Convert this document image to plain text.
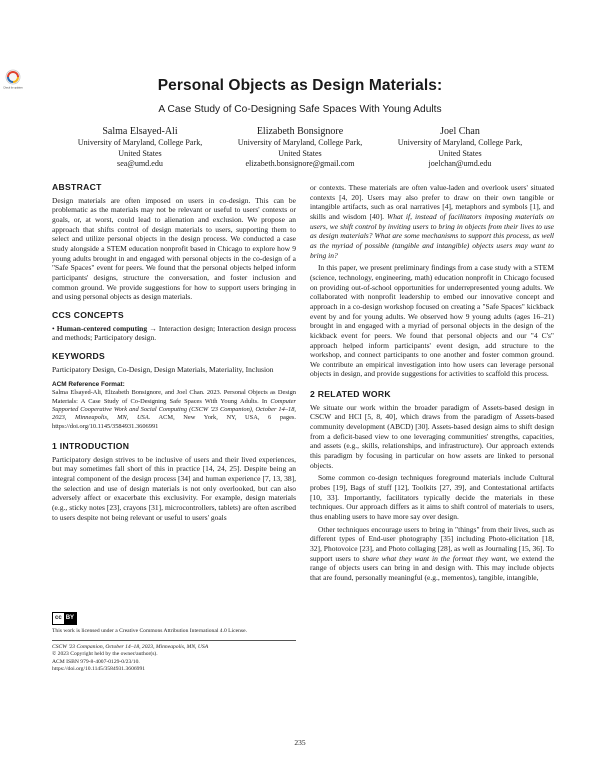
Check for updates	Personal Objects as Design Materials:
A Case Study of Co-Designing Safe Spaces With Young Adults
Salma Elsayed-Ali
University of Maryland, College Park,
United States
sea@umd.edu
Elizabeth Bonsignore
University of Maryland, College Park,
United States
elizabeth.bonsignore@gmail.com
Joel Chan
University of Maryland, College Park,
United States
joelchan@umd.edu
ABSTRACT

Design materials are often imposed on users in co-design. This can be problematic as the materials may not be relevant or useful to users' contexts or goals, or, at worst, could lead to alienation and exclusion. We propose an approach that shifts control of design materials to users, supporting them to select and utilize personal objects in the design process. We conducted a case study alongside a STEM education nonprofit based in Chicago to explore how 9 young adults brought in and engaged with personal objects in the co-design of a "Safe Spaces" event for peers. We found that the personal objects helped inform participants' designs, structure the conversation, and foster inclusion and common ground. We provide suggestions for how to support users bringing in and using personal objects as design materials.

CCS CONCEPTS

• Human-centered computing → Interaction design; Interaction design process and methods; Participatory design.

KEYWORDS

Participatory Design, Co-Design, Design Materials, Materiality, Inclusion

ACM Reference Format:
Salma Elsayed-Ali, Elizabeth Bonsignore, and Joel Chan. 2023. Personal Objects as Design Materials: A Case Study of Co-Designing Safe Spaces With Young Adults. In Computer Supported Cooperative Work and Social Computing (CSCW '23 Companion), October 14–18, 2023, Minneapolis, MN, USA. ACM, New York, NY, USA, 6 pages. https://doi.org/10.1145/3584931.3606991
1 INTRODUCTION

Participatory design strives to be inclusive of users and their lived experiences, but may sometimes fall short of this in practice [14, 24, 25]. Despite being an integral component of the design process [34] and human experience [7, 13, 38], the selection and use of design materials is not only overlooked, but can also adversely affect or exacerbate this exclusivity. For example, design materials (e.g., sticky notes [23], crayons [31], microcontrollers, tablets) are often ascribed to users despite not being relevant or useful to users' goals

cc BY
This work is licensed under a Creative Commons Attribution International 4.0 License.
CSCW '23 Companion, October 14–18, 2023, Minneapolis, MN, USA
© 2023 Copyright held by the owner/author(s).
ACM ISBN 979-8-4007-0129-0/23/10.
https://doi.org/10.1145/3584931.3606991

or contexts. These materials are often value-laden and overlook users' situated contexts [4, 20]. Users may also prefer to draw on their own tangible or intangible artifacts, such as oral narratives [4], metaphors and symbols [1], and skills and wisdom [40]. What if, instead of facilitators imposing materials on users, we shift control by inviting users to bring in objects from their lives to use as design materials? What are some mechanisms to support this process, as well as the myriad of possible (tangible and intangible) objects users may want to bring in?

In this paper, we present preliminary findings from a case study with a STEM (science, technology, engineering, math) education nonprofit in Chicago focused on providing out-of-school opportunities for underrepresented young adults. We collaborated with nonprofit leadership to embed our innovative concept and approach in a co-design workshop focused on creating a "Safe Spaces" kickback event by and for young adults. We observed how 9 young adults (ages 16–21) brought in and engaged with a myriad of personal objects in the design of the kickback event for peers. We found that personal objects and our "4 C's" approach helped inform participants' event design, add structure to the workshop, and connect participants to one another and foster common ground. We contribute an empirical investigation into how users can leverage personal objects in design, and provide suggestions for activities to scaffold this process.

2 RELATED WORK

We situate our work within the broader paradigm of Assets-based design in CSCW and HCI [5, 8, 40], which draws from the paradigm of Assets-based community development (ABCD) [30]. Assets-based design aims to shift design from a deficit-based view to one leveraging communities' strengths, capacities, and assets (e.g., skills, relationships, and infrastructure). Our approach extends this paradigm by focusing in particular on how assets are linked to personal objects.

Some common co-design techniques foreground materials include Cultural probes [19], Bags of stuff [12], Toolkits [27, 39], and Contestational artifacts [10, 33]. Importantly, facilitators typically decide the materials in these techniques. Our approach differs as it aims to shift control of materials to users, thus enabling users to have more say over design.

Other techniques encourage users to bring in "things" from their lives, such as different types of End-user photography [35] including Photo-elicitation [18, 32], Photovoice [23], and Photo collaging [28], as well as Journaling [15, 36]. To support users to share what they want in the format they want, we extend the range of objects users can bring in and design with. This may include objects that are found, personally meaningful (e.g., mementos), tangible, intangible,

235
